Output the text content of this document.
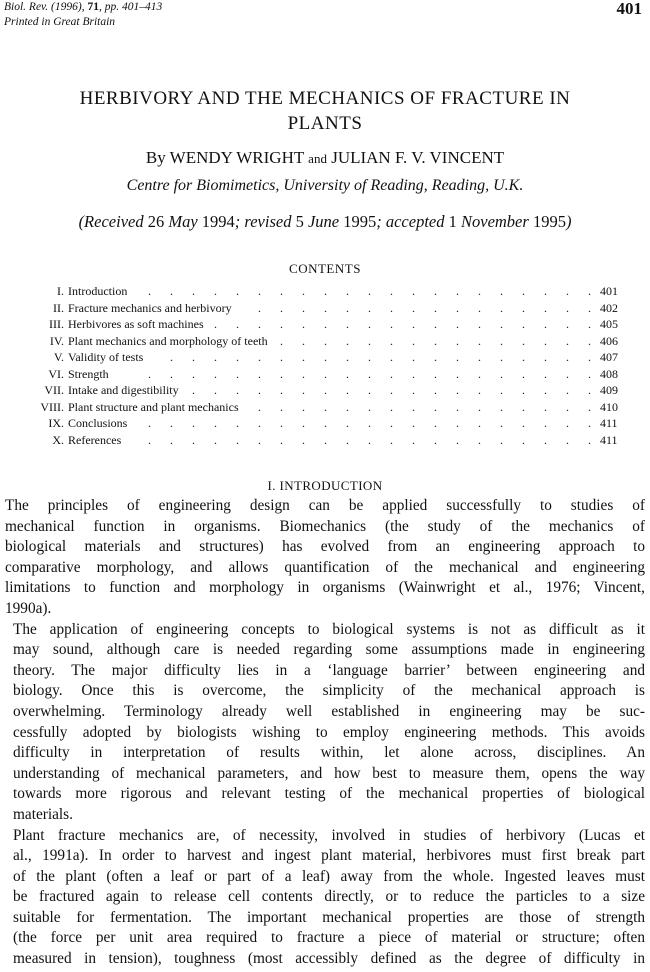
Biol. Rev. (1996), 71, pp. 401–413
Printed in Great Britain
401
HERBIVORY AND THE MECHANICS OF FRACTURE IN
PLANTS
By WENDY WRIGHT and JULIAN F. V. VINCENT
Centre for Biomimetics, University of Reading, Reading, U.K.
(Received 26 May 1994; revised 5 June 1995; accepted 1 November 1995)
CONTENTS
I. Introduction	401
. . . . . . . . . . . . . . . . . . . . .
II. Fracture mechanics and herbivory	402
. . . . . . . . . . . . . . . .
III. Herbivores as soft machines	405
. . . . . . . . . . . . . . . . . .
IV. Plant mechanics and morphology of teeth	406
. . . . . . . . . . . . . . .
V. Validity of tests	407
. . . . . . . . . . . . . . . . . . . .
VI. Strength	408
. . . . . . . . . . . . . . . . . . . . .
VII. Intake and digestibility	409
. . . . . . . . . . . . . . . . . . .
VIII. Plant structure and plant mechanics	410
. . . . . . . . . . . . . . . .
IX. Conclusions	411
. . . . . . . . . . . . . . . . . . . . .
X. References	411
. . . . . . . . . . . . . . . . . . . . .
I. INTRODUCTION

The principles of engineering design can be applied successfully to studies of
mechanical function in organisms. Biomechanics (the study of the mechanics of
biological materials and structures) has evolved from an engineering approach to
comparative morphology, and allows quantification of the mechanical and engineering
limitations to function and morphology in organisms (Wainwright et al., 1976; Vincent,
1990a).

The application of engineering concepts to biological systems is not as difficult as it
may sound, although care is needed regarding some assumptions made in engineering
theory. The major difficulty lies in a ‘language barrier’ between engineering and
biology. Once this is overcome, the simplicity of the mechanical approach is
overwhelming. Terminology already well established in engineering may be suc-
cessfully adopted by biologists wishing to employ engineering methods. This avoids
difficulty in interpretation of results within, let alone across, disciplines. An
understanding of mechanical parameters, and how best to measure them, opens the way
towards more rigorous and relevant testing of the mechanical properties of biological
materials.

Plant fracture mechanics are, of necessity, involved in studies of herbivory (Lucas et
al., 1991a). In order to harvest and ingest plant material, herbivores must first break part
of the plant (often a leaf or part of a leaf) away from the whole. Ingested leaves must
be fractured again to release cell contents directly, or to reduce the particles to a size
suitable for fermentation. The important mechanical properties are those of strength
(the force per unit area required to fracture a piece of material or structure; often
measured in tension), toughness (most accessibly defined as the degree of difficulty in
